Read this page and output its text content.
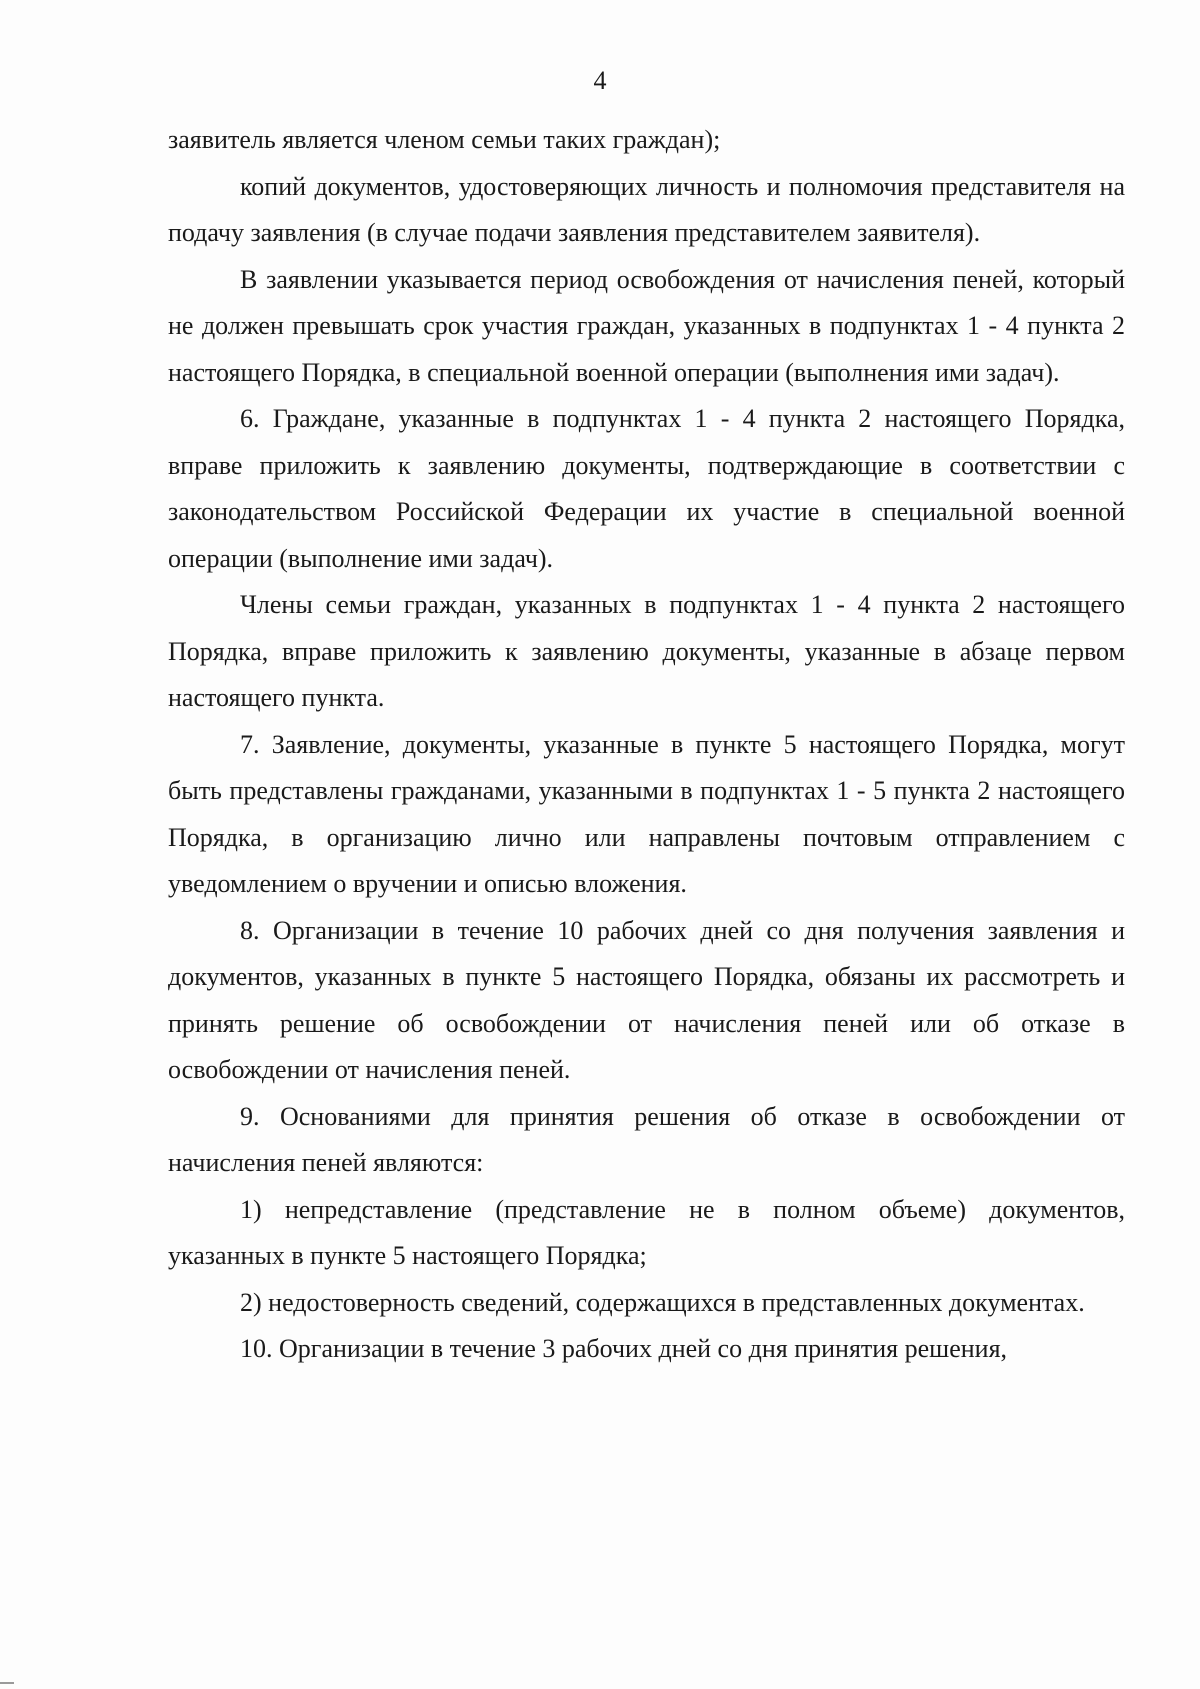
4

заявитель является членом семьи таких граждан);

копий документов, удостоверяющих личность и полномочия представителя на подачу заявления (в случае подачи заявления представителем заявителя).

В заявлении указывается период освобождения от начисления пеней, который не должен превышать срок участия граждан, указанных в подпунктах 1 - 4 пункта 2 настоящего Порядка, в специальной военной операции (выполнения ими задач).

6. Граждане, указанные в подпунктах 1 - 4 пункта 2 настоящего Порядка, вправе приложить к заявлению документы, подтверждающие в соответствии с законодательством Российской Федерации их участие в специальной военной операции (выполнение ими задач).

Члены семьи граждан, указанных в подпунктах 1 - 4 пункта 2 настоящего Порядка, вправе приложить к заявлению документы, указанные в абзаце первом настоящего пункта.

7. Заявление, документы, указанные в пункте 5 настоящего Порядка, могут быть представлены гражданами, указанными в подпунктах 1 - 5 пункта 2 настоящего Порядка, в организацию лично или направлены почтовым отправлением с уведомлением о вручении и описью вложения.

8. Организации в течение 10 рабочих дней со дня получения заявления и документов, указанных в пункте 5 настоящего Порядка, обязаны их рассмотреть и принять решение об освобождении от начисления пеней или об отказе в освобождении от начисления пеней.

9. Основаниями для принятия решения об отказе в освобождении от начисления пеней являются:

1) непредставление (представление не в полном объеме) документов, указанных в пункте 5 настоящего Порядка;

2) недостоверность сведений, содержащихся в представленных документах.

10. Организации в течение 3 рабочих дней со дня принятия решения,
